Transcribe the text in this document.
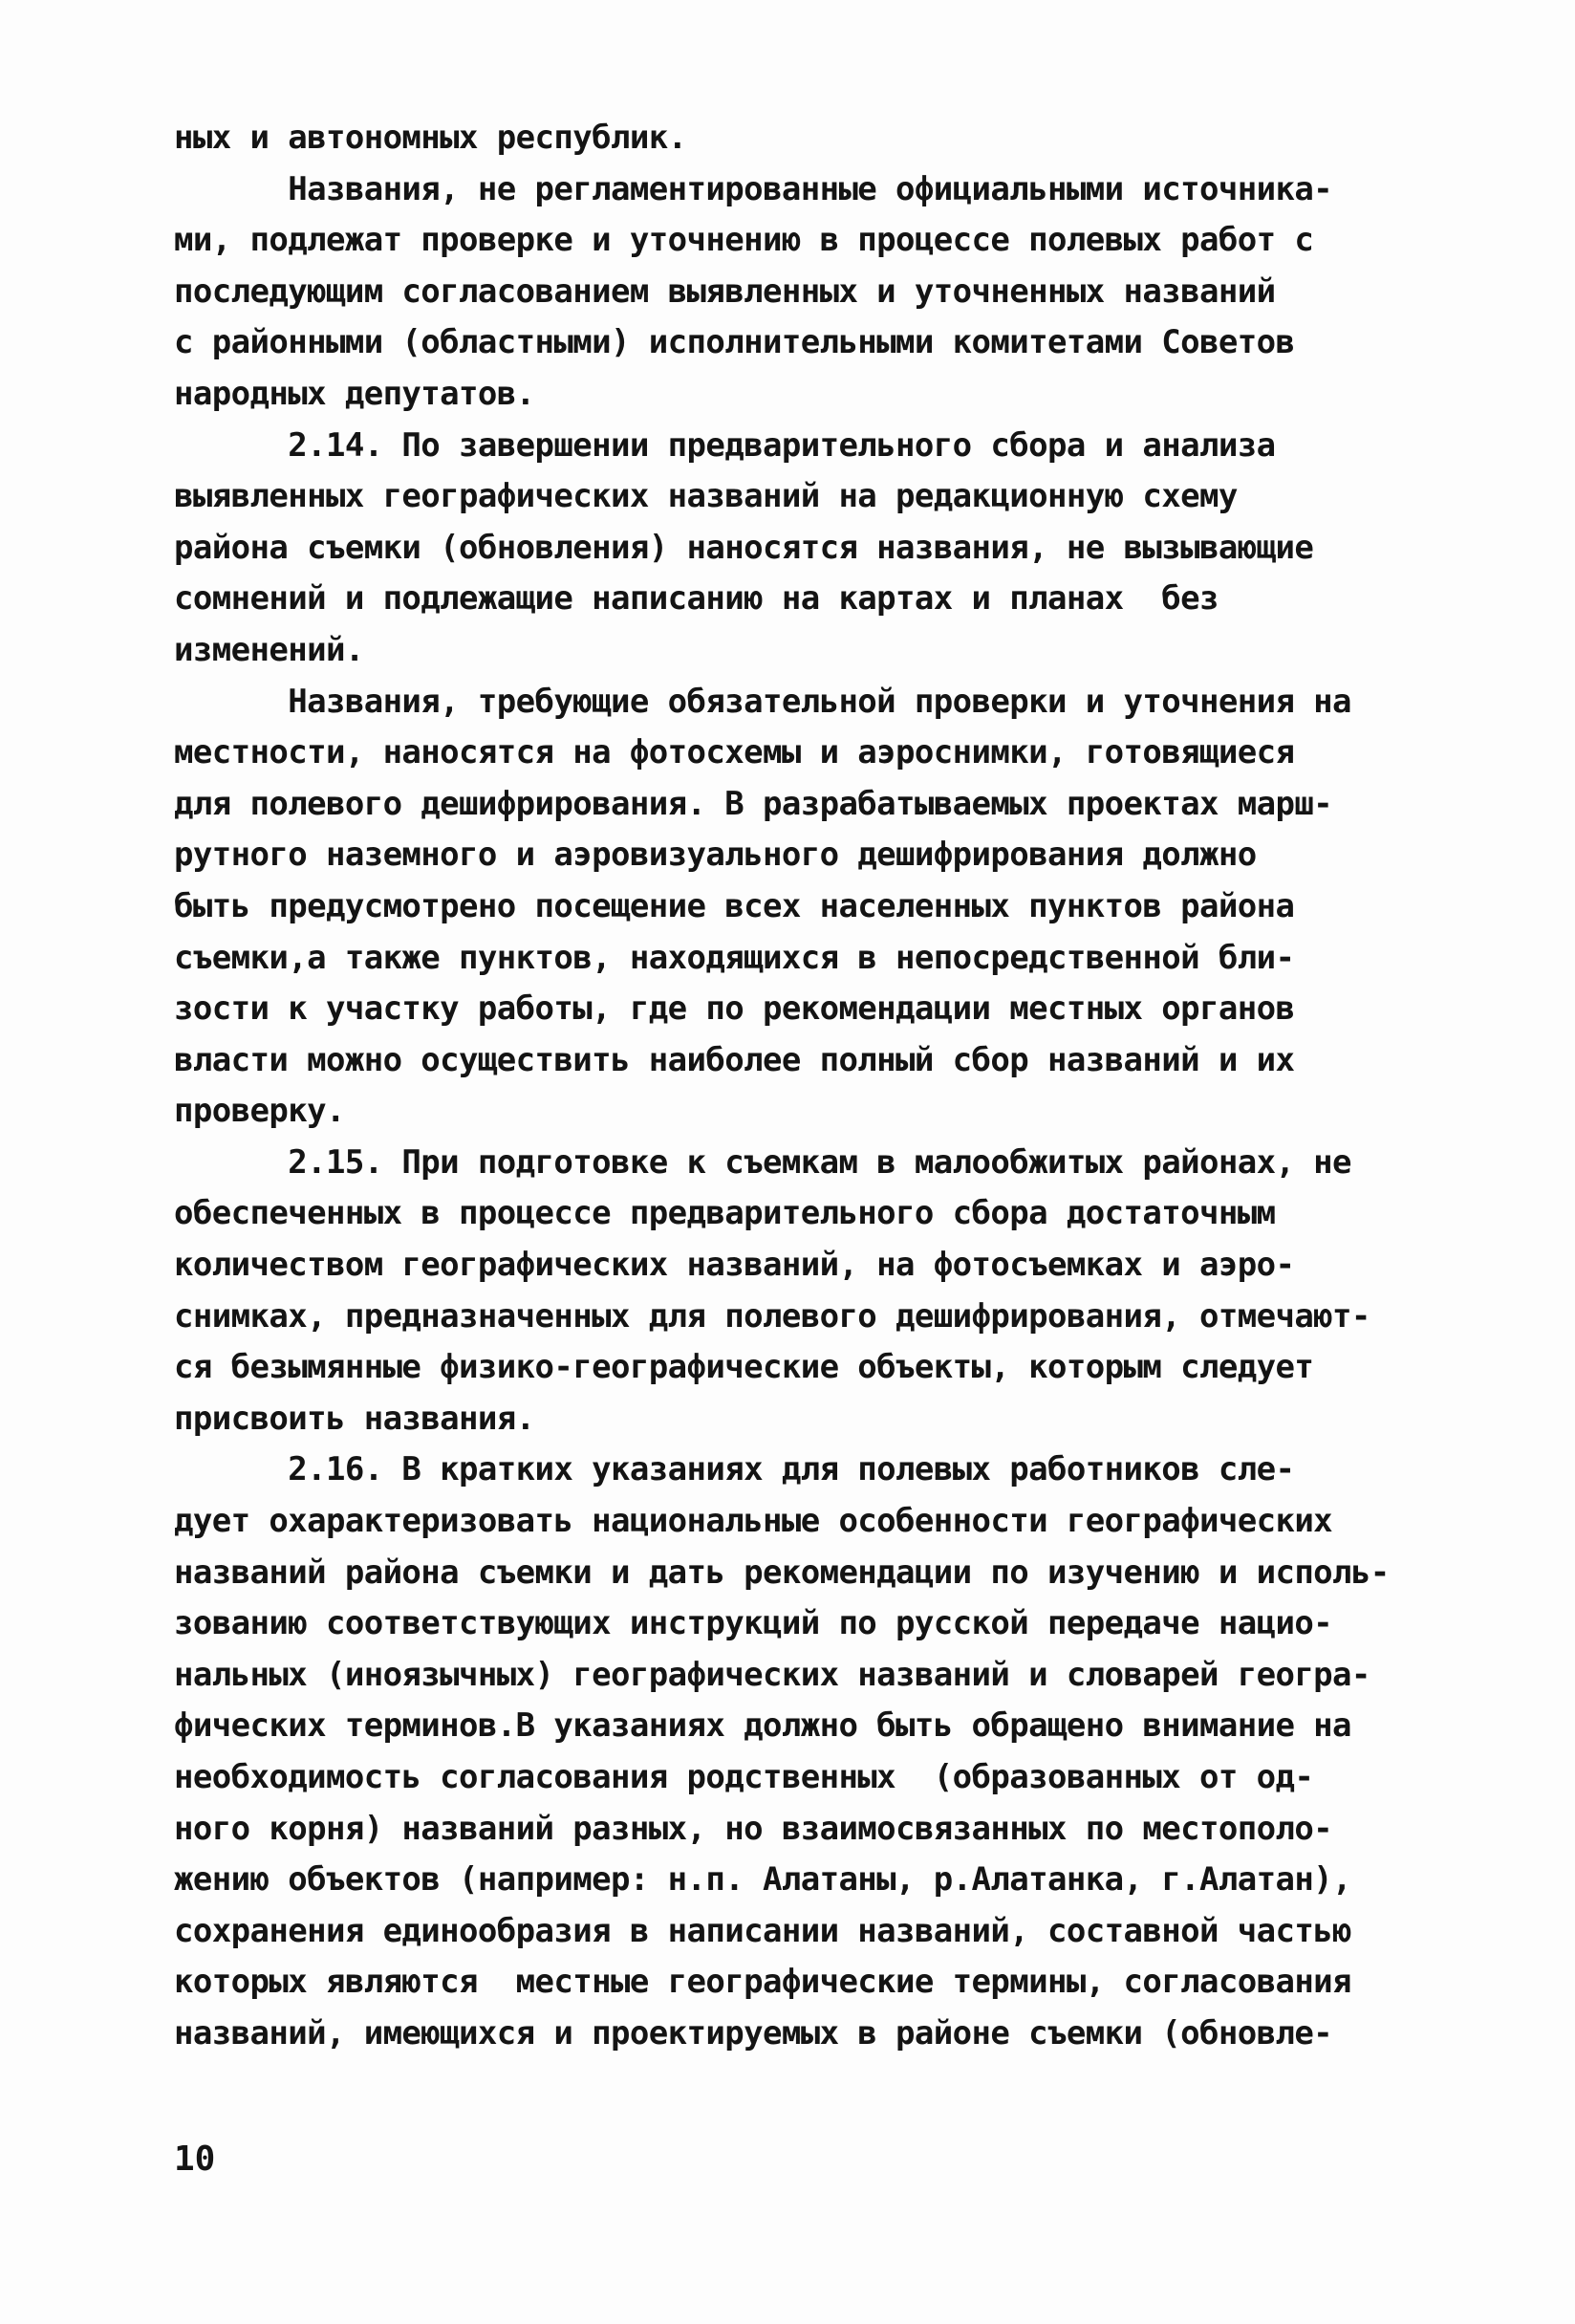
ных и автономных республик.
Названия, не регламентированные официальными источника-
ми, подлежат проверке и уточнению в процессе полевых работ с
последующим согласованием выявленных и уточненных названий
с районными (областными) исполнительными комитетами Советов
народных депутатов.
2.14. По завершении предварительного сбора и анализа
выявленных географических названий на редакционную схему
района съемки (обновления) наносятся названия, не вызывающие
сомнений и подлежащие написанию на картах и планах  без
изменений.
Названия, требующие обязательной проверки и уточнения на
местности, наносятся на фотосхемы и аэроснимки, готовящиеся
для полевого дешифрирования. В разрабатываемых проектах марш-
рутного наземного и аэровизуального дешифрирования должно
быть предусмотрено посещение всех населенных пунктов района
съемки,а также пунктов, находящихся в непосредственной бли-
зости к участку работы, где по рекомендации местных органов
власти можно осуществить наиболее полный сбор названий и их
проверку.
2.15. При подготовке к съемкам в малообжитых районах, не
обеспеченных в процессе предварительного сбора достаточным
количеством географических названий, на фотосъемках и аэро-
снимках, предназначенных для полевого дешифрирования, отмечают-
ся безымянные физико-географические объекты, которым следует
присвоить названия.
2.16. В кратких указаниях для полевых работников сле-
дует охарактеризовать национальные особенности географических
названий района съемки и дать рекомендации по изучению и исполь-
зованию соответствующих инструкций по русской передаче нацио-
нальных (иноязычных) географических названий и словарей геогра-
фических терминов.В указаниях должно быть обращено внимание на
необходимость согласования родственных  (образованных от од-
ного корня) названий разных, но взаимосвязанных по местополо-
жению объектов (например: н.п. Алатаны, р.Алатанка, г.Алатан),
сохранения единообразия в написании названий, составной частью
которых являются  местные географические термины, согласования
названий, имеющихся и проектируемых в районе съемки (обновле-
10
